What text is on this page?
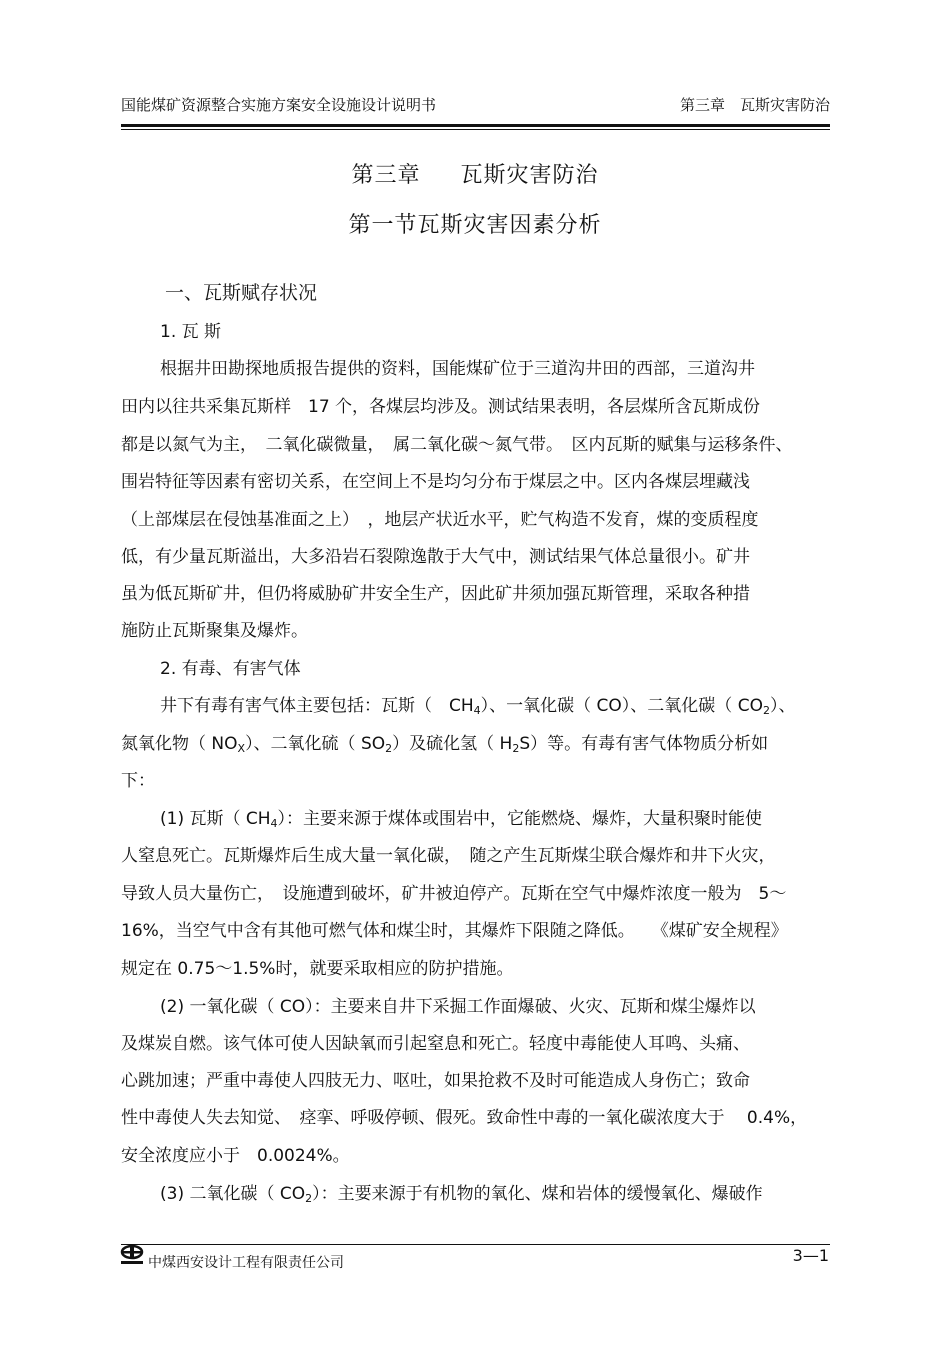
国能煤矿资源整合实施方案安全设施设计说明书	第三章　瓦斯灾害防治
第三章 瓦斯灾害防治
第一节瓦斯灾害因素分析
一、瓦斯赋存状况
1. 瓦 斯
根据井田勘探地质报告提供的资料，国能煤矿位于三道沟井田的西部，三道沟井
田内以往共采集瓦斯样　17 个，各煤层均涉及。测试结果表明，各层煤所含瓦斯成份
都是以氮气为主，　二氧化碳微量，　属二氧化碳～氮气带。　区内瓦斯的赋集与运移条件、
围岩特征等因素有密切关系，在空间上不是均匀分布于煤层之中。区内各煤层埋藏浅
（上部煤层在侵蚀基准面之上）　，地层产状近水平，贮气构造不发育，煤的变质程度
低，有少量瓦斯溢出，大多沿岩石裂隙逸散于大气中，测试结果气体总量很小。矿井
虽为低瓦斯矿井，但仍将威胁矿井安全生产，因此矿井须加强瓦斯管理，采取各种措
施防止瓦斯聚集及爆炸。
2. 有毒、有害气体
井下有毒有害气体主要包括：瓦斯（　$CH_4$）、一氧化碳（ CO）、二氧化碳（ $CO_2$）、
氮氧化物（ $NO_X$）、二氧化硫（ $SO_2$）及硫化氢（ $H_2S$）等。有毒有害气体物质分析如
下：
(1) 瓦斯（ $CH_4$）：主要来源于煤体或围岩中，它能燃烧、爆炸，大量积聚时能使
人窒息死亡。瓦斯爆炸后生成大量一氧化碳，　随之产生瓦斯煤尘联合爆炸和井下火灾，
导致人员大量伤亡，　设施遭到破坏，矿井被迫停产。瓦斯在空气中爆炸浓度一般为　5～
16%，当空气中含有其他可燃气体和煤尘时，其爆炸下限随之降低。　　《煤矿安全规程》
规定在 0.75～1.5%时，就要采取相应的防护措施。
(2) 一氧化碳（ CO）：主要来自井下采掘工作面爆破、火灾、瓦斯和煤尘爆炸以
及煤炭自燃。该气体可使人因缺氧而引起窒息和死亡。轻度中毒能使人耳鸣、头痛、
心跳加速；严重中毒使人四肢无力、呕吐，如果抢救不及时可能造成人身伤亡；致命
性中毒使人失去知觉、　痉挛、呼吸停顿、假死。致命性中毒的一氧化碳浓度大于　 0.4%，
安全浓度应小于　0.0024%。
(3) 二氧化碳（ $CO_2$）：主要来源于有机物的氧化、煤和岩体的缓慢氧化、爆破作
中煤西安设计工程有限责任公司	3—1
